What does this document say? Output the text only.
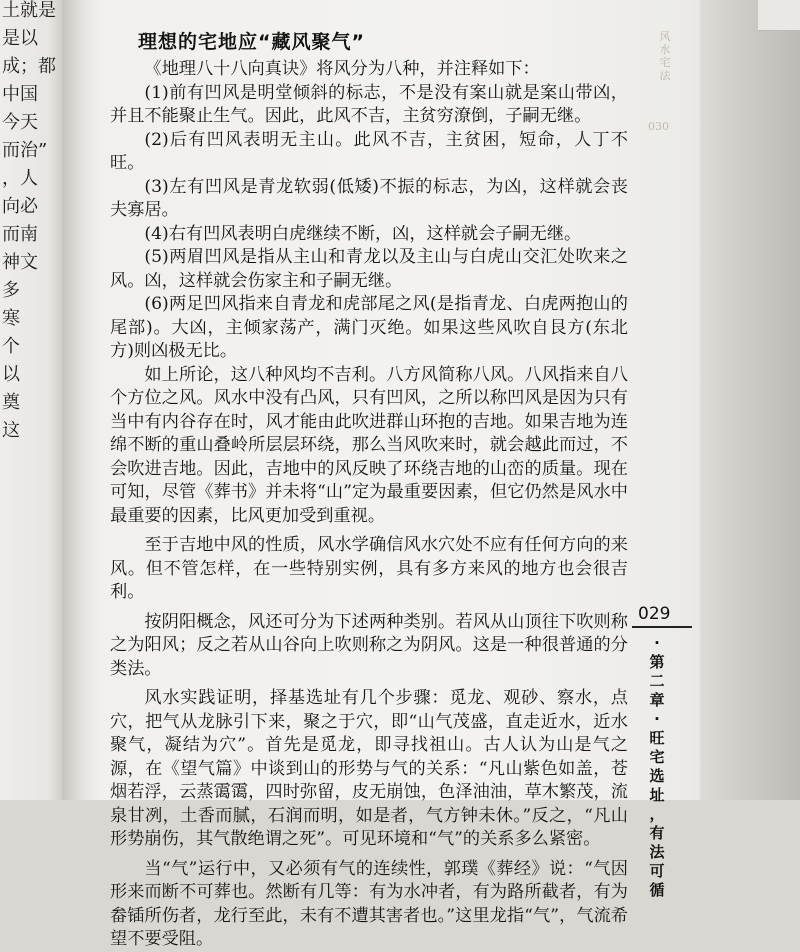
土就是
是以
成；都
中国
今天
而治”
，人
向必
而南
神文
多
寒
个
以
奠
这
理想的宅地应“藏风聚气”

《地理八十八向真诀》将风分为八种，并注释如下：

(1)前有凹风是明堂倾斜的标志，不是没有案山就是案山带凶，并且不能聚止生气。因此，此风不吉，主贫穷潦倒，子嗣无继。

(2)后有凹风表明无主山。此风不吉，主贫困，短命，人丁不旺。

(3)左有凹风是青龙软弱(低矮)不振的标志，为凶，这样就会丧夫寡居。

(4)右有凹风表明白虎继续不断，凶，这样就会子嗣无继。

(5)两眉凹风是指从主山和青龙以及主山与白虎山交汇处吹来之风。凶，这样就会伤家主和子嗣无继。

(6)两足凹风指来自青龙和虎部尾之风(是指青龙、白虎两抱山的尾部)。大凶，主倾家荡产，满门灭绝。如果这些风吹自艮方(东北方)则凶极无比。

如上所论，这八种风均不吉利。八方风简称八风。八风指来自八个方位之风。风水中没有凸风，只有凹风，之所以称凹风是因为只有当中有内谷存在时，风才能由此吹进群山环抱的吉地。如果吉地为连绵不断的重山叠岭所层层环绕，那么当风吹来时，就会越此而过，不会吹进吉地。因此，吉地中的风反映了环绕吉地的山峦的质量。现在可知，尽管《葬书》并未将“山”定为最重要因素，但它仍然是风水中最重要的因素，比风更加受到重视。

至于吉地中风的性质，风水学确信风水穴处不应有任何方向的来风。但不管怎样，在一些特别实例，具有多方来风的地方也会很吉利。

按阴阳概念，风还可分为下述两种类别。若风从山顶往下吹则称之为阳风；反之若从山谷向上吹则称之为阴风。这是一种很普通的分类法。

风水实践证明，择基选址有几个步骤：觅龙、观砂、察水，点穴，把气从龙脉引下来，聚之于穴，即“山气茂盛，直走近水，近水聚气，凝结为穴”。首先是觅龙，即寻找祖山。古人认为山是气之源，在《望气篇》中谈到山的形势与气的关系：“凡山紫色如盖，苍烟若浮，云蒸霭霭，四时弥留，皮无崩蚀，色泽油油，草木繁茂，流泉甘冽，土香而腻，石润而明，如是者，气方钟未休。”反之，“凡山形势崩伤，其气散绝谓之死”。可见环境和“气”的关系多么紧密。

当“气”运行中，又必须有气的连续性，郭璞《葬经》说：“气因形来而断不可葬也。然断有几等：有为水冲者，有为路所截者，有为畚锸所伤者，龙行至此，未有不遭其害者也。”这里龙指“气”，气流希望不要受阻。

风
水
宅
法
030
029
·
第
二
章
·
旺
宅
选
址
，
有
法
可
循
